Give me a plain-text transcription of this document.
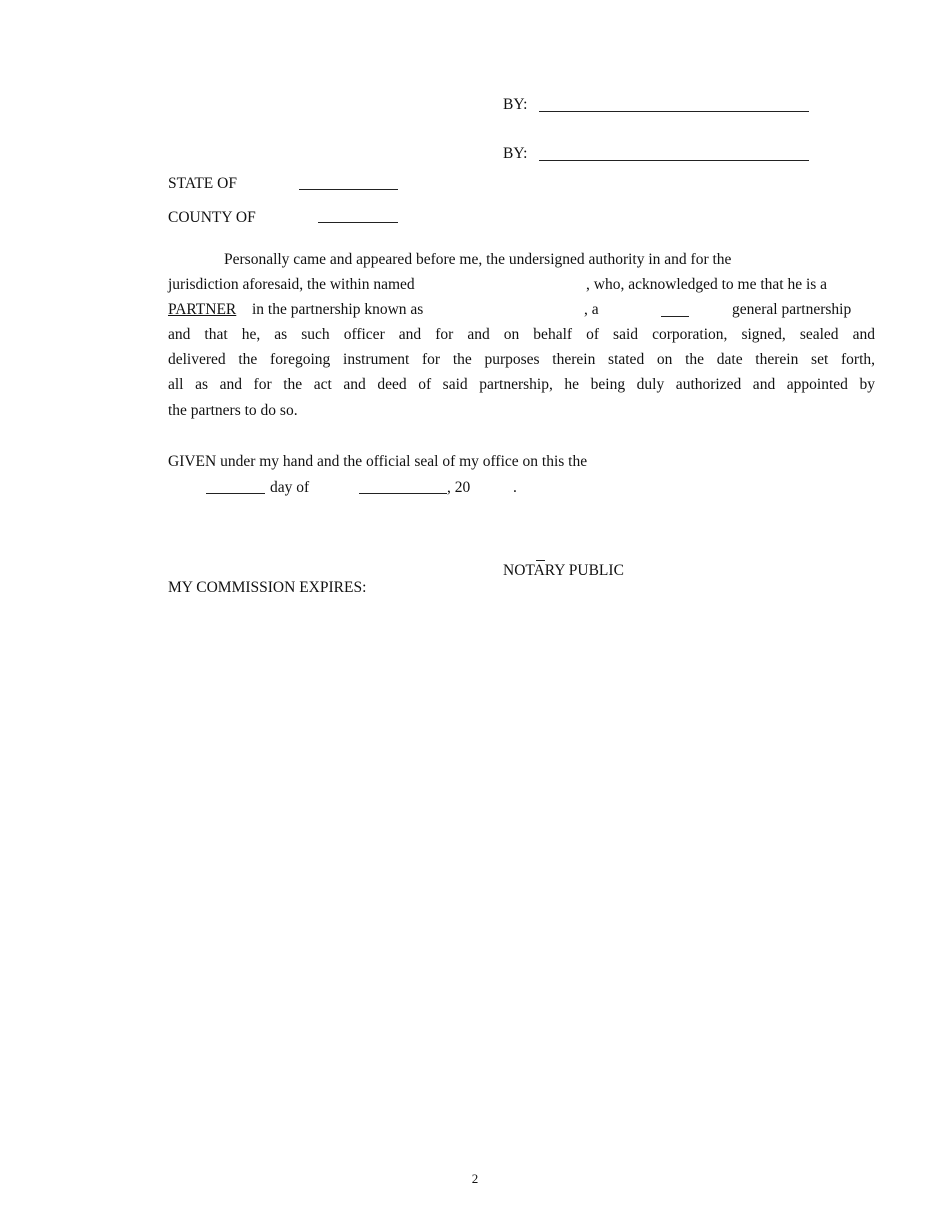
BY:
BY:
STATE OF
COUNTY OF
Personally came and appeared before me, the undersigned authority in and for the
jurisdiction aforesaid, the within named	, who, acknowledged to me that he is a
PARTNER in the partnership known as	, a	general partnership
and that he, as such officer and for and on behalf of said corporation, signed, sealed and
delivered the foregoing instrument for the purposes therein stated on the date therein set forth,
all as and for the act and deed of said partnership, he being duly authorized and appointed by
the partners to do so.
GIVEN under my hand and the official seal of my office on this the
day of	, 20	.
NOTARY PUBLIC
MY COMMISSION EXPIRES:
2
